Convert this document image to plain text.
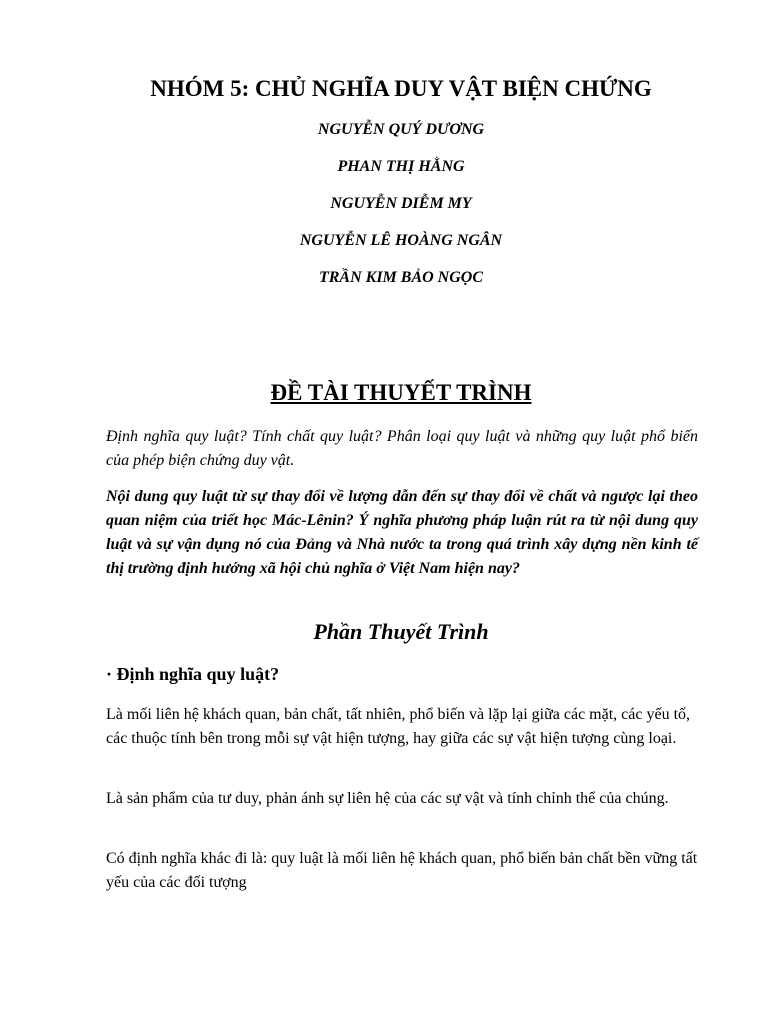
NHÓM 5: CHỦ NGHĨA DUY VẬT BIỆN CHỨNG
NGUYỄN QUÝ DƯƠNG
PHAN THỊ HẰNG
NGUYỄN DIỄM MY
NGUYỄN LÊ HOÀNG NGÂN
TRẦN KIM BẢO NGỌC
ĐỀ TÀI THUYẾT TRÌNH

Định nghĩa quy luật? Tính chất quy luật? Phân loại quy luật và những quy luật phổ biến của phép biện chứng duy vật.

Nội dung quy luật từ sự thay đổi về lượng dẫn đến sự thay đổi về chất và ngược lại theo quan niệm của triết học Mác-Lênin? Ý nghĩa phương pháp luận rút ra từ nội dung quy luật và sự vận dụng nó của Đảng và Nhà nước ta trong quá trình xây dựng nền kinh tế thị trường định hướng xã hội chủ nghĩa ở Việt Nam hiện nay?

Phần Thuyết Trình
· Định nghĩa quy luật?

Là mối liên hệ khách quan, bản chất, tất nhiên, phổ biến và lặp lại giữa các mặt, các yếu tố, các thuộc tính bên trong mỗi sự vật hiện tượng, hay giữa các sự vật hiện tượng cùng loại.

Là sản phẩm của tư duy, phản ánh sự liên hệ của các sự vật và tính chỉnh thể của chúng.

Có định nghĩa khác đi là: quy luật là mối liên hệ khách quan, phổ biến bản chất bền vững tất yếu của các đối tượng
